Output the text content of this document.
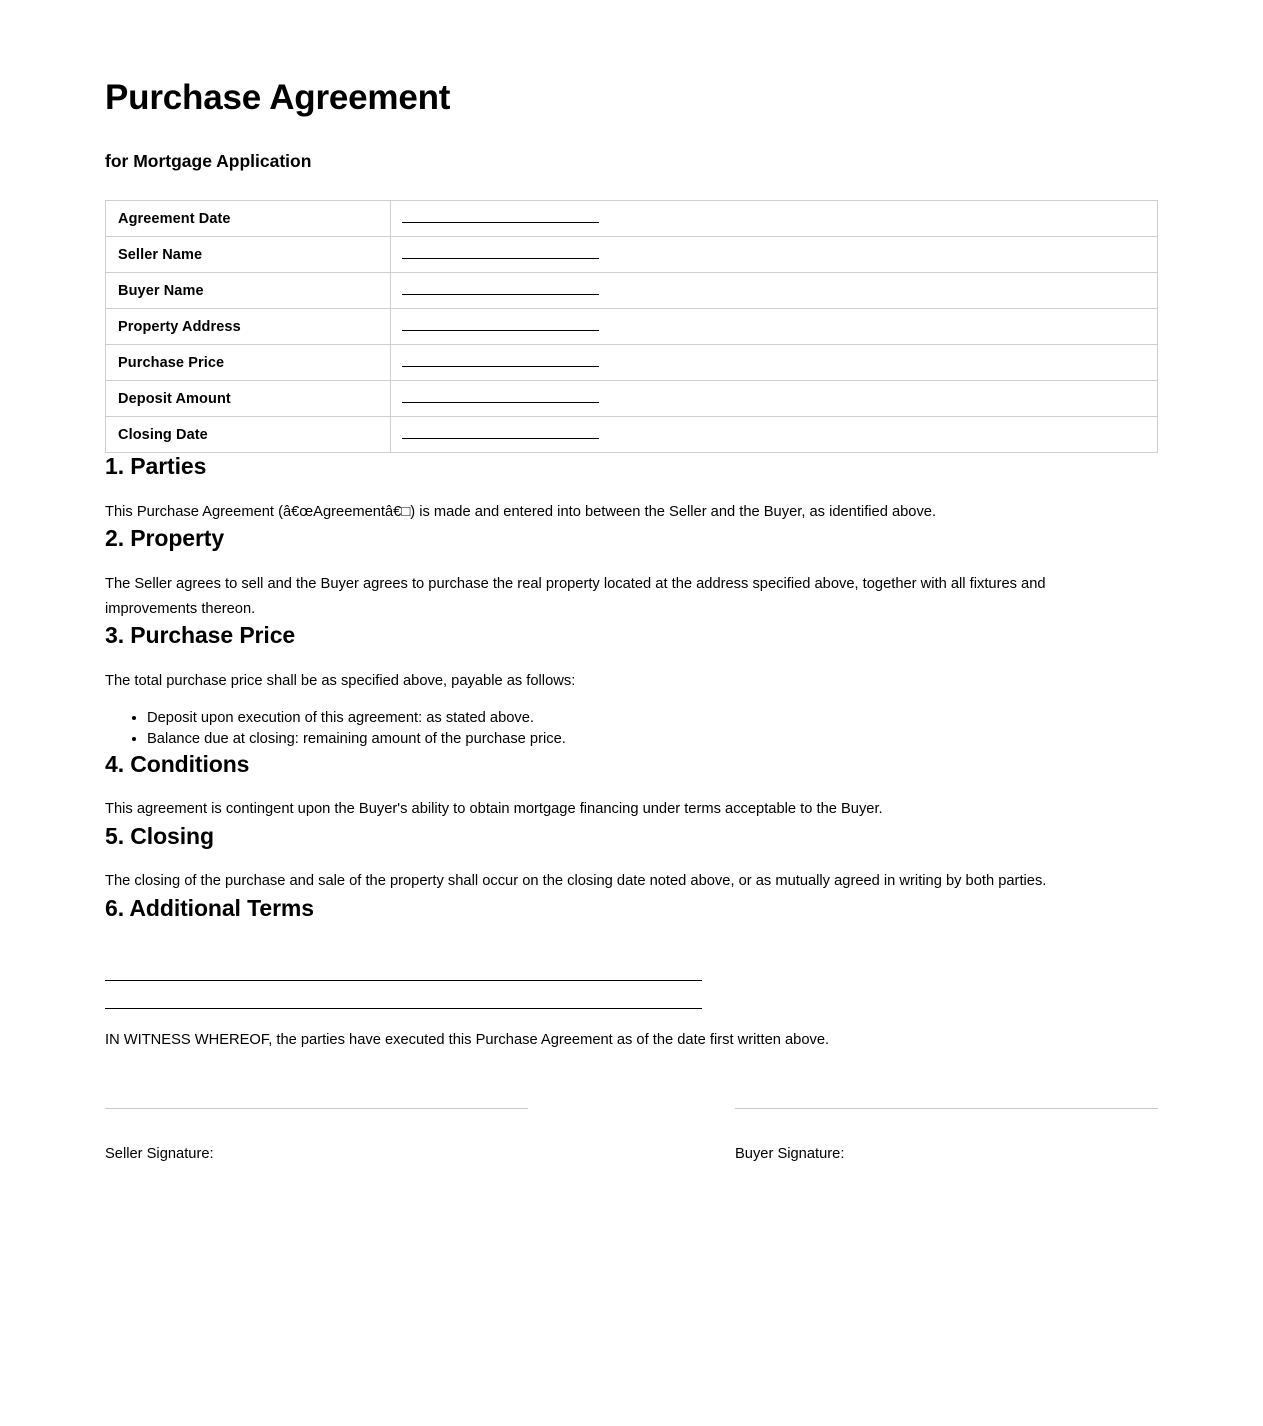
Purchase Agreement
for Mortgage Application
Agreement Date	
Seller Name	
Buyer Name	
Property Address	
Purchase Price	
Deposit Amount	
Closing Date	
1. Parties

This Purchase Agreement (â€œAgreementâ€□) is made and entered into between the Seller and the Buyer, as identified above.

2. Property

The Seller agrees to sell and the Buyer agrees to purchase the real property located at the address specified above, together with all fixtures and improvements thereon.

3. Purchase Price

The total purchase price shall be as specified above, payable as follows:

• Deposit upon execution of this agreement: as stated above.
• Balance due at closing: remaining amount of the purchase price.
4. Conditions

This agreement is contingent upon the Buyer's ability to obtain mortgage financing under terms acceptable to the Buyer.

5. Closing

The closing of the purchase and sale of the property shall occur on the closing date noted above, or as mutually agreed in writing by both parties.

6. Additional Terms

IN WITNESS WHEREOF, the parties have executed this Purchase Agreement as of the date first written above.

Seller Signature:	Buyer Signature:
